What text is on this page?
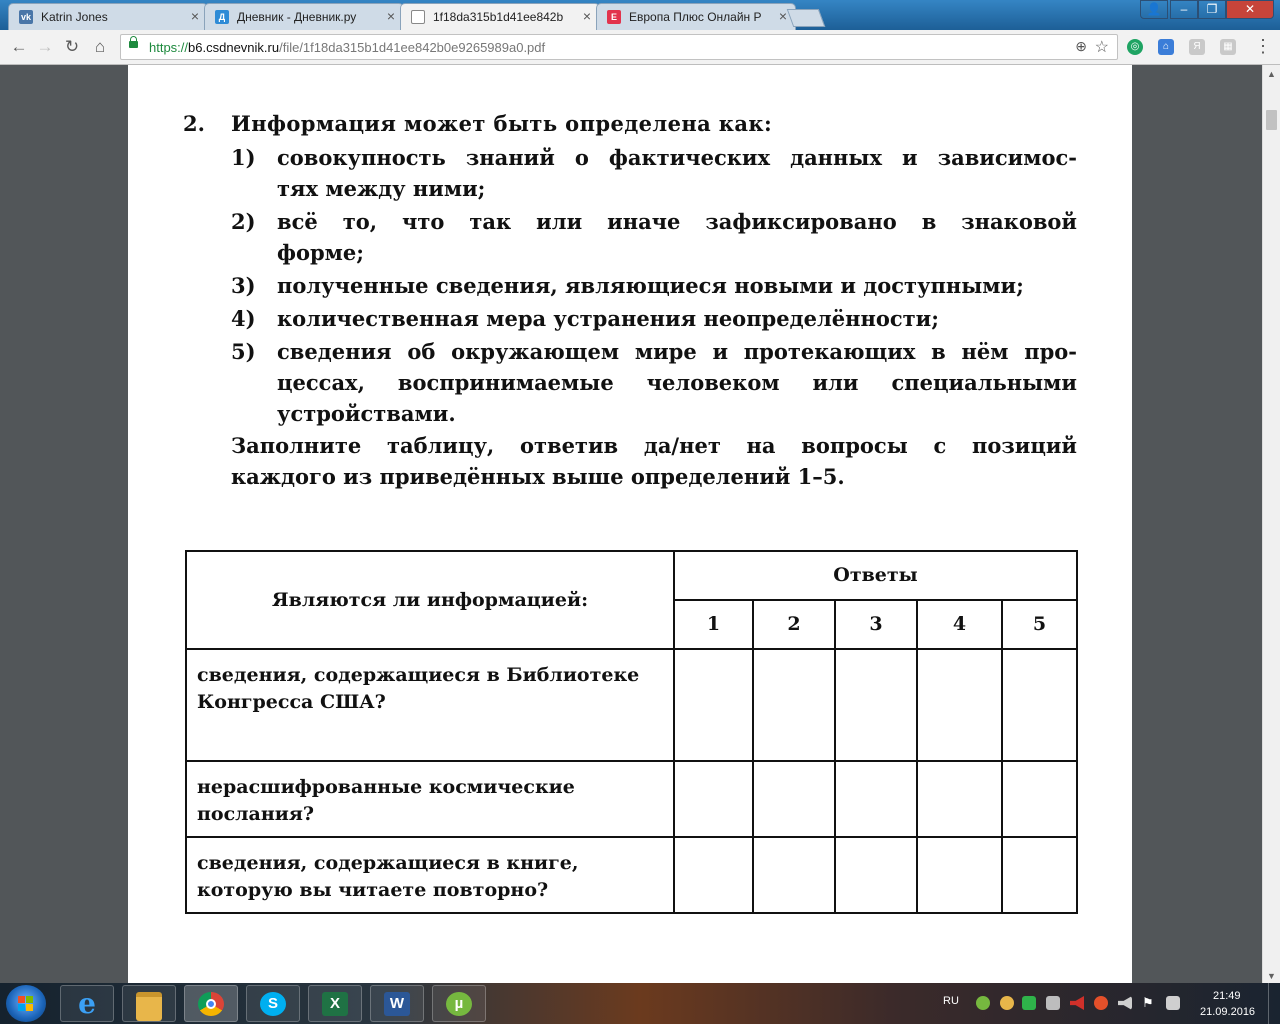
vk Katrin Jones	×	Д Дневник - Дневник.ру	×	1f18da315b1d41ee842b ×	E	Европа Плюс Онлайн Р	×	👤	–	❐	✕
← → ↻ ⌂	https://b6.csdnevnik.ru/file/1f18da315b1d41ee842b0e9265989a0.pdf	⊕ ☆	◎	⌂	Я	▦ ⋮
2. Информация может быть определена как:
1) совокупность знаний о фактических данных и зависимос-
тях между ними;
2) всё то, что так или иначе зафиксировано в знаковой
форме;
3) полученные сведения, являющиеся новыми и доступными;
4) количественная мера устранения неопределённости;
5) сведения об окружающем мире и протекающих в нём про-
цессах, воспринимаемые человеком или специальными
устройствами.
Заполните таблицу, ответив да/нет на вопросы с позиций
каждого из приведённых выше определений 1–5.
Являются ли информацией:
Ответы
1	2	3	4	5
сведения, содержащиеся в Библиотеке
Конгресса США?
нерасшифрованные космические
послания?
сведения, содержащиеся в книге,
которую вы читаете повторно?
▲
▼
e	S	X	W	µ	RU	⚑	21:49
21.09.2016
